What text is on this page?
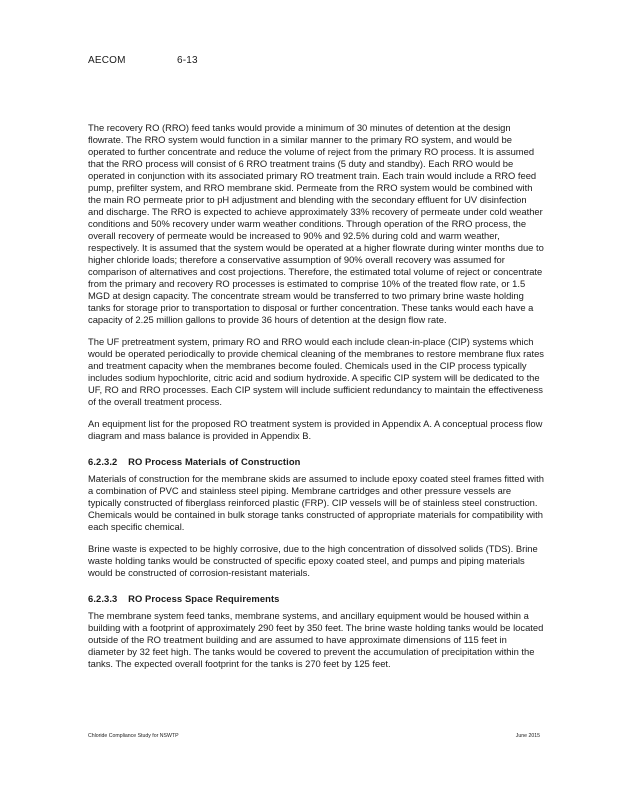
AECOM	6-13

The recovery RO (RRO) feed tanks would provide a minimum of 30 minutes of detention at the design flowrate. The RRO system would function in a similar manner to the primary RO system, and would be operated to further concentrate and reduce the volume of reject from the primary RO process. It is assumed that the RRO process will consist of 6 RRO treatment trains (5 duty and standby). Each RRO would be operated in conjunction with its associated primary RO treatment train. Each train would include a RRO feed pump, prefilter system, and RRO membrane skid. Permeate from the RRO system would be combined with the main RO permeate prior to pH adjustment and blending with the secondary effluent for UV disinfection and discharge. The RRO is expected to achieve approximately 33% recovery of permeate under cold weather conditions and 50% recovery under warm weather conditions. Through operation of the RRO process, the overall recovery of permeate would be increased to 90% and 92.5% during cold and warm weather, respectively. It is assumed that the system would be operated at a higher flowrate during winter months due to higher chloride loads; therefore a conservative assumption of 90% overall recovery was assumed for comparison of alternatives and cost projections. Therefore, the estimated total volume of reject or concentrate from the primary and recovery RO processes is estimated to comprise 10% of the treated flow rate, or 1.5 MGD at design capacity. The concentrate stream would be transferred to two primary brine waste holding tanks for storage prior to transportation to disposal or further concentration. These tanks would each have a capacity of 2.25 million gallons to provide 36 hours of detention at the design flow rate.

The UF pretreatment system, primary RO and RRO would each include clean-in-place (CIP) systems which would be operated periodically to provide chemical cleaning of the membranes to restore membrane flux rates and treatment capacity when the membranes become fouled. Chemicals used in the CIP process typically includes sodium hypochlorite, citric acid and sodium hydroxide. A specific CIP system will be dedicated to the UF, RO and RRO processes. Each CIP system will include sufficient redundancy to maintain the effectiveness of the overall treatment process.

An equipment list for the proposed RO treatment system is provided in Appendix A. A conceptual process flow diagram and mass balance is provided in Appendix B.

6.2.3.2 RO Process Materials of Construction

Materials of construction for the membrane skids are assumed to include epoxy coated steel frames fitted with a combination of PVC and stainless steel piping. Membrane cartridges and other pressure vessels are typically constructed of fiberglass reinforced plastic (FRP). CIP vessels will be of stainless steel construction. Chemicals would be contained in bulk storage tanks constructed of appropriate materials for compatibility with each specific chemical.

Brine waste is expected to be highly corrosive, due to the high concentration of dissolved solids (TDS). Brine waste holding tanks would be constructed of specific epoxy coated steel, and pumps and piping materials would be constructed of corrosion-resistant materials.

6.2.3.3 RO Process Space Requirements

The membrane system feed tanks, membrane systems, and ancillary equipment would be housed within a building with a footprint of approximately 290 feet by 350 feet. The brine waste holding tanks would be located outside of the RO treatment building and are assumed to have approximate dimensions of 115 feet in diameter by 32 feet high. The tanks would be covered to prevent the accumulation of precipitation within the tanks. The expected overall footprint for the tanks is 270 feet by 125 feet.

Chloride Compliance Study for NSWTP	June 2015
